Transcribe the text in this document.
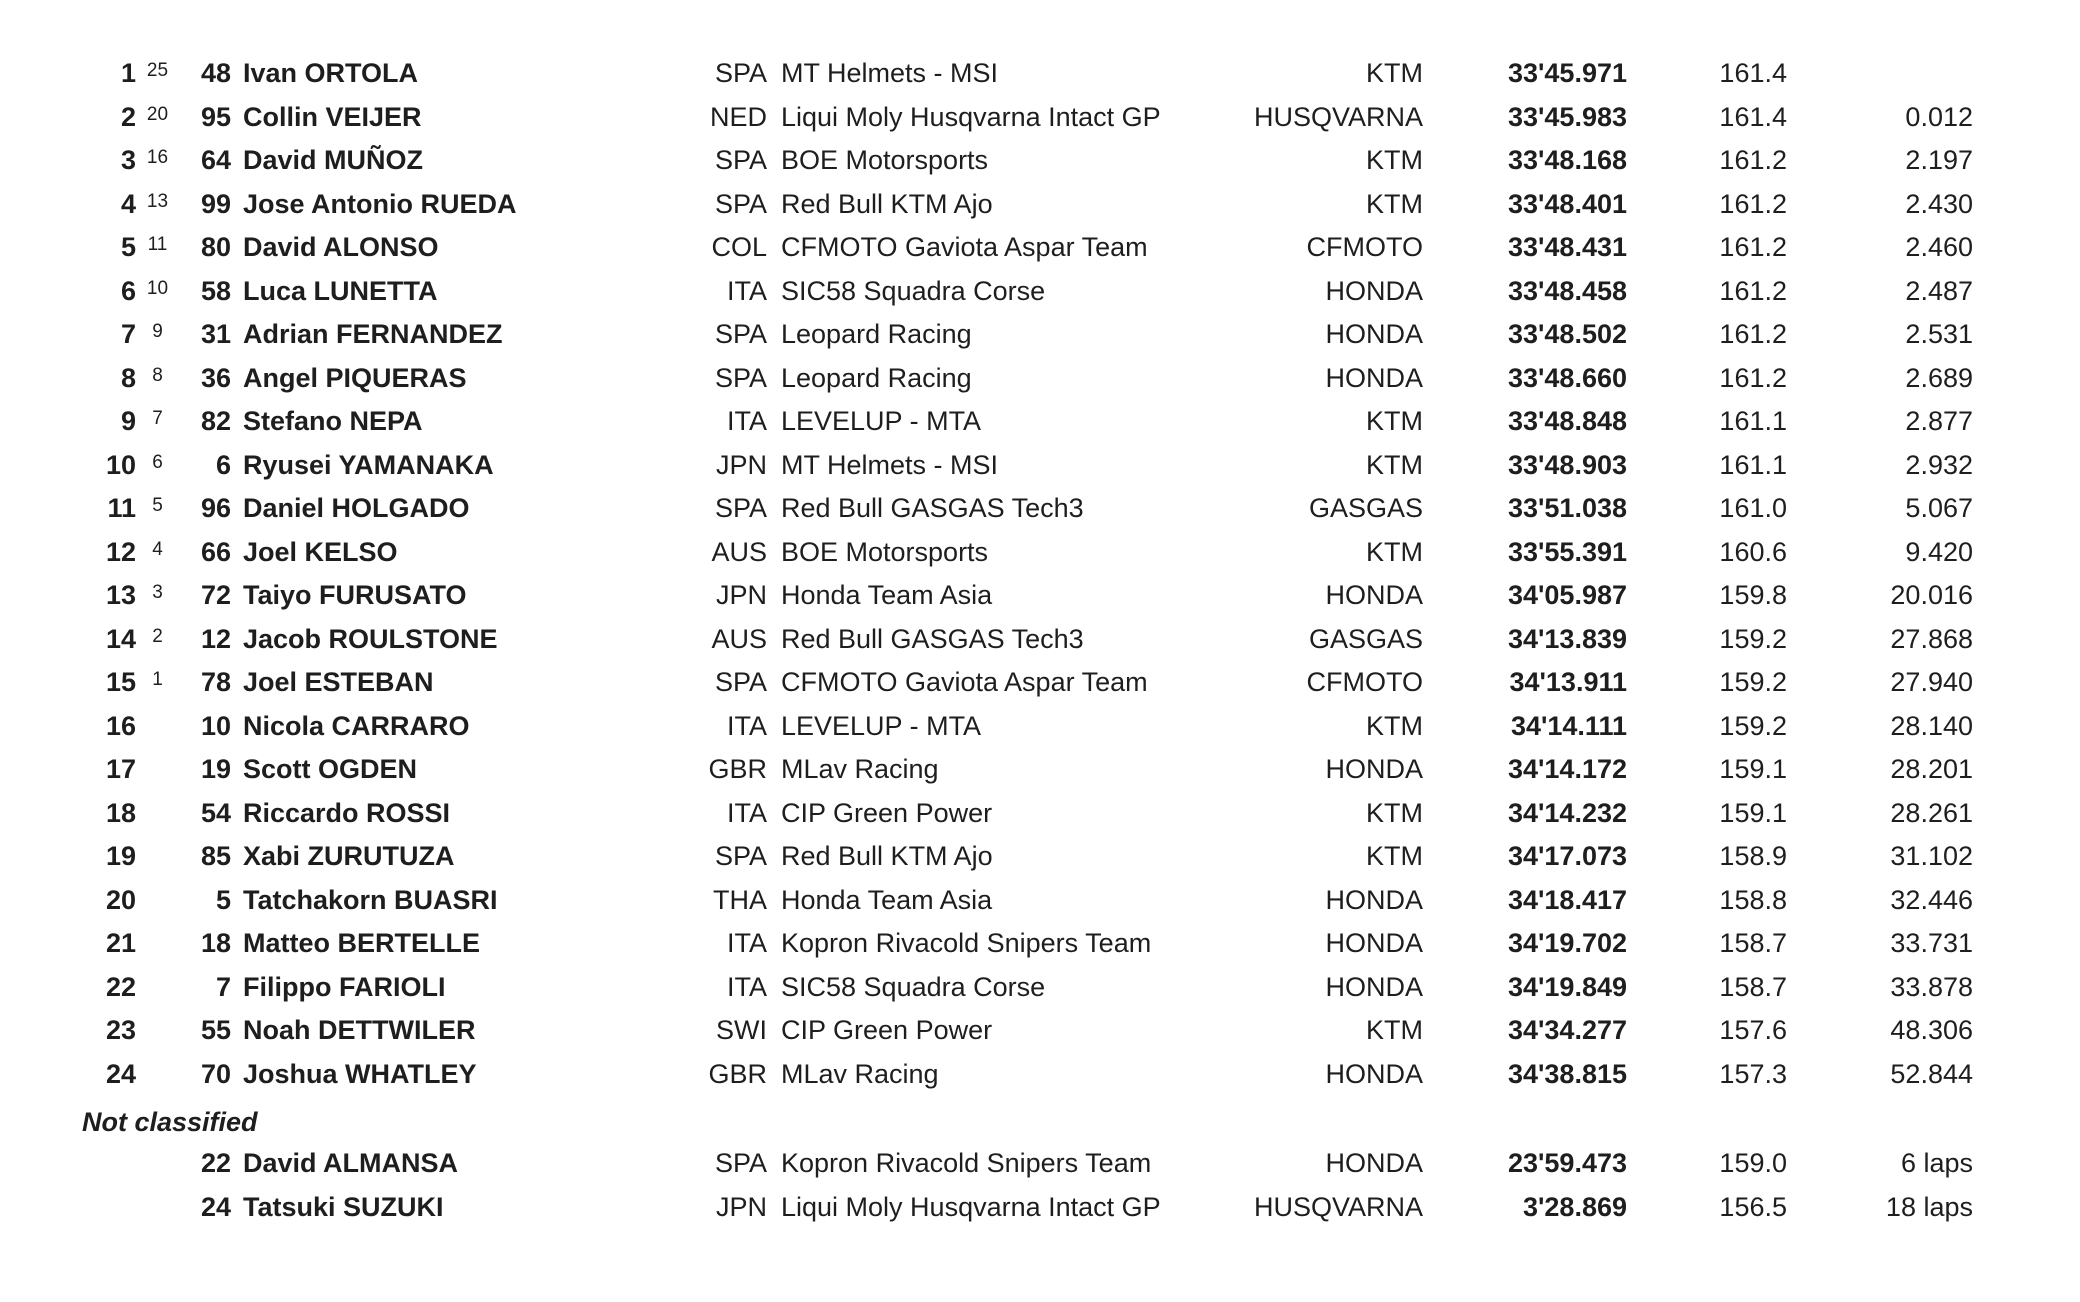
1 25	48 Ivan ORTOLA	SPA MT Helmets - MSI	KTM	33'45.971	161.4
2 20	95 Collin VEIJER	NED Liqui Moly Husqvarna Intact GP	HUSQVARNA	33'45.983	161.4	0.012
3 16	64 David MUÑOZ	SPA BOE Motorsports	KTM	33'48.168	161.2	2.197
4 13	99 Jose Antonio RUEDA	SPA Red Bull KTM Ajo	KTM	33'48.401	161.2	2.430
5 11	80 David ALONSO	COL CFMOTO Gaviota Aspar Team	CFMOTO	33'48.431	161.2	2.460
6 10	58 Luca LUNETTA	ITA SIC58 Squadra Corse	HONDA	33'48.458	161.2	2.487
7 9	31 Adrian FERNANDEZ	SPA Leopard Racing	HONDA	33'48.502	161.2	2.531
8 8	36 Angel PIQUERAS	SPA Leopard Racing	HONDA	33'48.660	161.2	2.689
9 7	82 Stefano NEPA	ITA LEVELUP - MTA	KTM	33'48.848	161.1	2.877
10 6	6 Ryusei YAMANAKA	JPN MT Helmets - MSI	KTM	33'48.903	161.1	2.932
11 5	96 Daniel HOLGADO	SPA Red Bull GASGAS Tech3	GASGAS	33'51.038	161.0	5.067
12 4	66 Joel KELSO	AUS BOE Motorsports	KTM	33'55.391	160.6	9.420
13 3	72 Taiyo FURUSATO	JPN Honda Team Asia	HONDA	34'05.987	159.8	20.016
14 2	12 Jacob ROULSTONE	AUS Red Bull GASGAS Tech3	GASGAS	34'13.839	159.2	27.868
15 1	78 Joel ESTEBAN	SPA CFMOTO Gaviota Aspar Team	CFMOTO	34'13.911	159.2	27.940
16	10 Nicola CARRARO	ITA LEVELUP - MTA	KTM	34'14.111	159.2	28.140
17	19 Scott OGDEN	GBR MLav Racing	HONDA	34'14.172	159.1	28.201
18	54 Riccardo ROSSI	ITA CIP Green Power	KTM	34'14.232	159.1	28.261
19	85 Xabi ZURUTUZA	SPA Red Bull KTM Ajo	KTM	34'17.073	158.9	31.102
20	5 Tatchakorn BUASRI	THA Honda Team Asia	HONDA	34'18.417	158.8	32.446
21	18 Matteo BERTELLE	ITA Kopron Rivacold Snipers Team	HONDA	34'19.702	158.7	33.731
22	7 Filippo FARIOLI	ITA SIC58 Squadra Corse	HONDA	34'19.849	158.7	33.878
23	55 Noah DETTWILER	SWI CIP Green Power	KTM	34'34.277	157.6	48.306
24	70 Joshua WHATLEY	GBR MLav Racing	HONDA	34'38.815	157.3	52.844
Not classified
22 David ALMANSA	SPA Kopron Rivacold Snipers Team	HONDA	23'59.473	159.0	6 laps
24 Tatsuki SUZUKI	JPN Liqui Moly Husqvarna Intact GP	HUSQVARNA	3'28.869	156.5	18 laps
